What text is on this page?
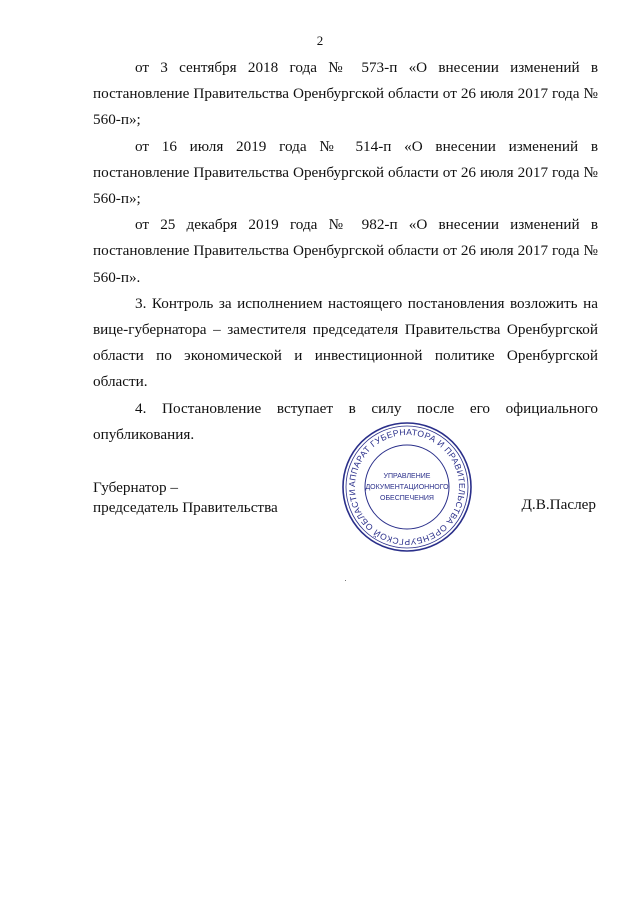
2

от 3 сентября 2018 года № 573-п «О внесении изменений в постановление Правительства Оренбургской области от 26 июля 2017 года № 560-п»;

от 16 июля 2019 года № 514-п «О внесении изменений в постановление Правительства Оренбургской области от 26 июля 2017 года № 560-п»;

от 25 декабря 2019 года № 982-п «О внесении изменений в постановление Правительства Оренбургской области от 26 июля 2017 года № 560-п».

3. Контроль за исполнением настоящего постановления возложить на вице-губернатора – заместителя председателя Правительства Оренбургской области по экономической и инвестиционной политике Оренбургской области.

4. Постановление вступает в силу после его официального опубликования.

Губернатор –
председатель Правительства
АППАРАТ ГУБЕРНАТОРА И ПРАВИТЕЛЬСТВА ОРЕНБУРГСКОЙ ОБЛАСТИ
УПРАВЛЕНИЕ
ДОКУМЕНТАЦИОННОГО
ОБЕСПЕЧЕНИЯ	Д.В.Паслер
